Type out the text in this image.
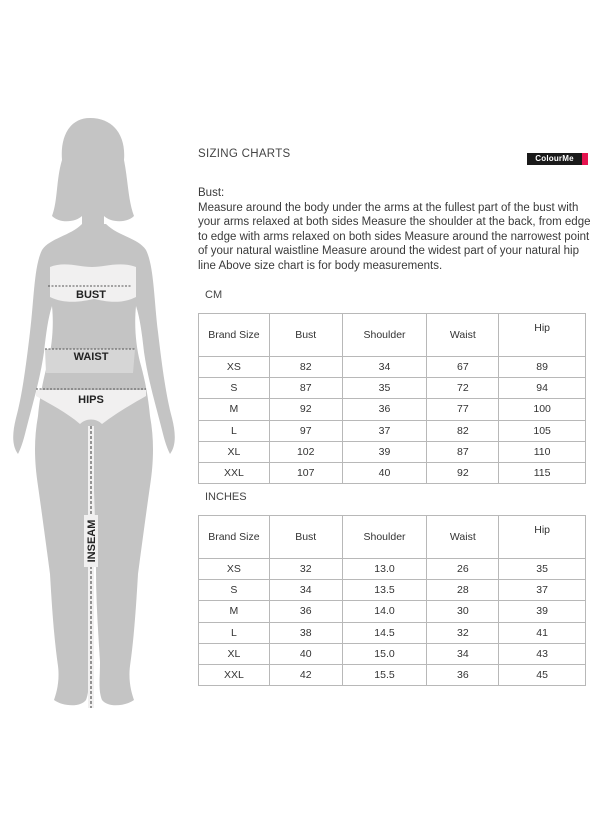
BUST
WAIST
HIPS
INSEAM
SIZING CHARTS	ColourMe

Bust:

Measure around the body under the arms at the fullest part of the bust with your arms relaxed at both sides Measure the shoulder at the back, from edge to edge with arms relaxed on both sides Measure around the narrowest point of your natural waistline Measure around the widest part of your natural hip line Above size chart is for body measurements.

CM
Brand Size	Bust	Shoulder	Waist	Hip
XS	82	34	67	89
S	87	35	72	94
M	92	36	77	100
L	97	37	82	105
XL	102	39	87	110
XXL	107	40	92	115
INCHES
Brand Size	Bust	Shoulder	Waist	Hip
XS	32	13.0	26	35
S	34	13.5	28	37
M	36	14.0	30	39
L	38	14.5	32	41
XL	40	15.0	34	43
XXL	42	15.5	36	45
